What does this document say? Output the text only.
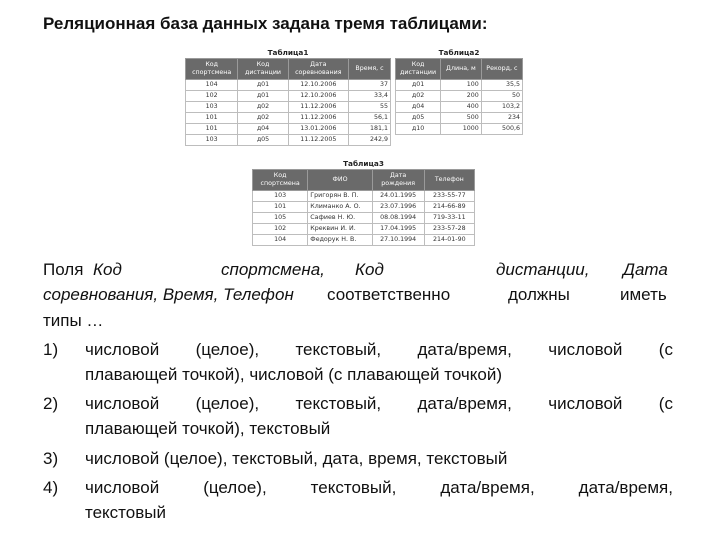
Реляционная база данных задана тремя таблицами:
Таблица1
Код спортсмена	Код дистанции	Дата соревнования	Время, с
104	д01	12.10.2006	37
102	д01	12.10.2006	33,4
103	д02	11.12.2006	55
101	д02	11.12.2006	56,1
101	д04	13.01.2006	181,1
103	д05	11.12.2005	242,9
Таблица2
Код дистанции	Длина, м	Рекорд, с
д01	100	35,5
д02	200	50
д04	400	103,2
д05	500	234
д10	1000	500,6
Таблица3
Код спортсмена	ФИО	Дата рождения	Телефон
103	Григорян В. П.	24.01.1995	233-55-77
101	Климанко А. О.	23.07.1996	214-66-89
105	Сафиев Н. Ю.	08.08.1994	719-33-11
102	Креквин И. И.	17.04.1995	233-57-28
104	Федорук Н. В.	27.10.1994	214-01-90
Поля Код	спортсмена, Код	дистанции, Дата
соревнования, Время, Телефон соответственно	должны	иметь
типы …
1) числовой (целое), текстовый, дата/время, числовой (с
плавающей точкой), числовой (с плавающей точкой)
2) числовой (целое), текстовый, дата/время, числовой (с
плавающей точкой), текстовый
3) числовой (целое), текстовый, дата, время, текстовый
4) числовой	(целое),	текстовый,	дата/время,	дата/время,
текстовый
